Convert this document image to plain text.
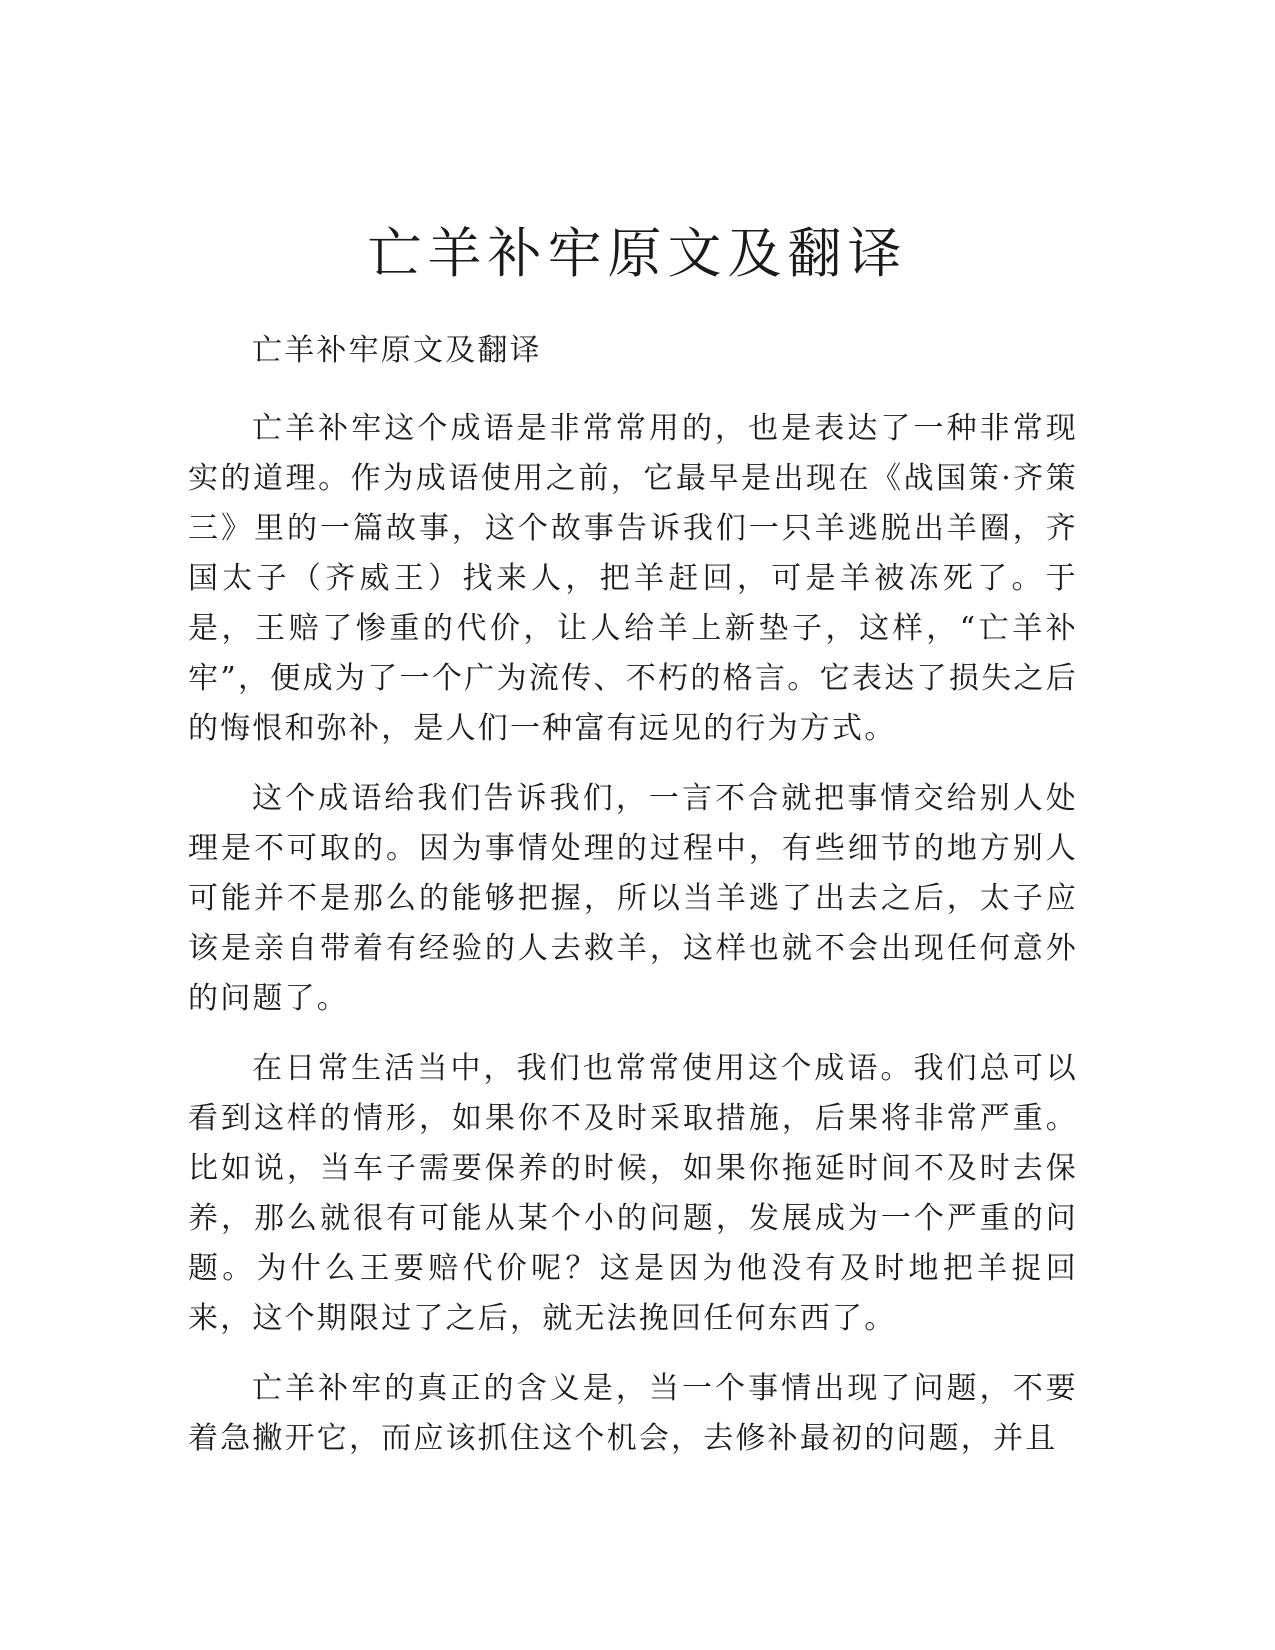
亡羊补牢原文及翻译

亡羊补牢原文及翻译

亡羊补牢这个成语是非常常用的，也是表达了一种非常现实的道理。作为成语使用之前，它最早是出现在《战国策·齐策三》里的一篇故事，这个故事告诉我们一只羊逃脱出羊圈，齐国太子（齐威王）找来人，把羊赶回，可是羊被冻死了。于是，王赔了惨重的代价，让人给羊上新垫子，这样，“亡羊补牢”，便成为了一个广为流传、不朽的格言。它表达了损失之后的悔恨和弥补，是人们一种富有远见的行为方式。

这个成语给我们告诉我们，一言不合就把事情交给别人处理是不可取的。因为事情处理的过程中，有些细节的地方别人可能并不是那么的能够把握，所以当羊逃了出去之后，太子应该是亲自带着有经验的人去救羊，这样也就不会出现任何意外的问题了。

在日常生活当中，我们也常常使用这个成语。我们总可以看到这样的情形，如果你不及时采取措施，后果将非常严重。比如说，当车子需要保养的时候，如果你拖延时间不及时去保养，那么就很有可能从某个小的问题，发展成为一个严重的问题。为什么王要赔代价呢？这是因为他没有及时地把羊捉回来，这个期限过了之后，就无法挽回任何东西了。

亡羊补牢的真正的含义是，当一个事情出现了问题，不要着急撇开它，而应该抓住这个机会，去修补最初的问题，并且
